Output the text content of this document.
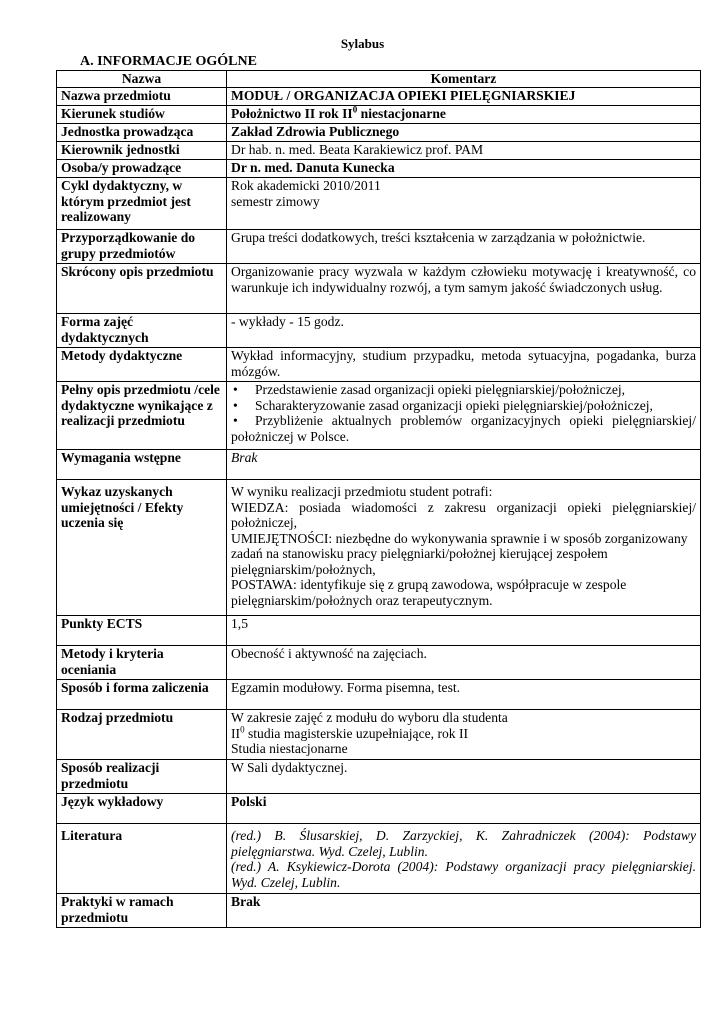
Sylabus
A. INFORMACJE OGÓLNE
Nazwa	Komentarz
Nazwa przedmiotu	MODUŁ / ORGANIZACJA OPIEKI PIELĘGNIARSKIEJ
Kierunek studiów	Położnictwo II rok $II^0$ niestacjonarne
Jednostka prowadząca	Zakład Zdrowia Publicznego
Kierownik jednostki	Dr hab. n. med. Beata Karakiewicz prof. PAM
Osoba/y prowadzące	Dr n. med. Danuta Kunecka
Cykl dydaktyczny, w którym przedmiot jest realizowany	Rok akademicki 2010/2011
semestr zimowy

Przyporządkowanie do grupy przedmiotów	Grupa treści dodatkowych, treści kształcenia w zarządzania w położnictwie.
Skrócony opis przedmiotu	Organizowanie pracy wyzwala w każdym człowieku motywację i kreatywność, co warunkuje ich indywidualny rozwój, a tym samym jakość świadczonych usług.
Forma zajęć dydaktycznych	- wykłady - 15 godz.
Metody dydaktyczne	Wykład informacyjny, studium przypadku, metoda sytuacyjna, pogadanka, burza mózgów.
Pełny opis przedmiotu /cele dydaktyczne wynikające z realizacji przedmiotu	• Przedstawienie zasad organizacji opieki pielęgniarskiej/położniczej,
• Scharakteryzowanie zasad organizacji opieki pielęgniarskiej/położniczej,
• Przybliżenie aktualnych problemów organizacyjnych opieki pielęgniarskiej/ położniczej w Polsce.

Wymagania wstępne	Brak
Wykaz uzyskanych umiejętności / Efekty uczenia się	W wyniku realizacji przedmiotu student potrafi:
WIEDZA: posiada wiadomości z zakresu organizacji opieki pielęgniarskiej/ położniczej,
UMIEJĘTNOŚCI: niezbędne do wykonywania sprawnie i w sposób zorganizowany zadań na stanowisku pracy pielęgniarki/położnej kierującej zespołem pielęgniarskim/położnych,
POSTAWA: identyfikuje się z grupą zawodowa, współpracuje w zespole pielęgniarskim/położnych oraz terapeutycznym.

Punkty ECTS	1,5
Metody i kryteria oceniania	Obecność i aktywność na zajęciach.
Sposób i forma zaliczenia	Egzamin modułowy. Forma pisemna, test.
Rodzaj przedmiotu	W zakresie zajęć z modułu do wyboru dla studenta
$II^0$ studia magisterskie uzupełniające, rok II
Studia niestacjonarne

Sposób realizacji przedmiotu	W Sali dydaktycznej.
Język wykładowy	Polski
Literatura	(red.) B. Ślusarskiej, D. Zarzyckiej, K. Zahradniczek (2004): Podstawy pielęgniarstwa. Wyd. Czelej, Lublin.
(red.) A. Ksykiewicz-Dorota (2004): Podstawy organizacji pracy pielęgniarskiej. Wyd. Czelej, Lublin.

Praktyki w ramach przedmiotu	Brak
